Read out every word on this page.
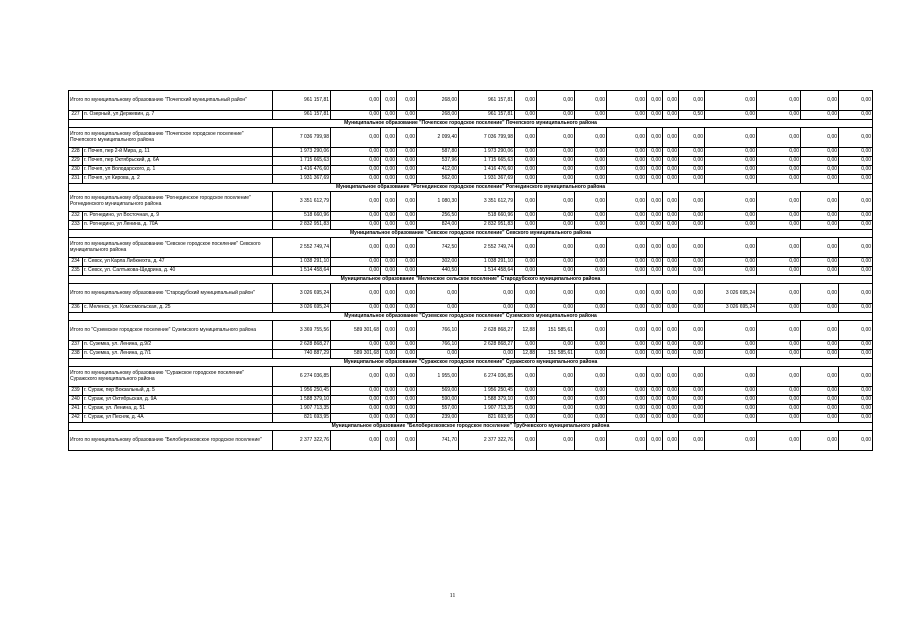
Итого по муниципальному образованию "Почепский муниципальный район"		961 157,81	0,00	0,00	0,00	268,00	961 157,81	0,00	0,00	0,00	0,00	0,00	0,00	0,00	0,00	0,00	0,00	0,00
227	п. Озерный, ул Держевин, д. 7	961 157,81	0,00	0,00	0,00	268,00	961 157,81	0,00	0,00	0,00	0,00	0,00	0,00	0,50	0,00	0,00	0,00	0,00
Муниципальное образование "Почепское городское поселение" Почепского муниципального района																		
Итого по муниципальному образованию "Почепское городское поселение" Почепского муниципального района		7 036 799,98	0,00	0,00	0,00	2 099,40	7 036 799,98	0,00	0,00	0,00	0,00	0,00	0,00	0,00	0,00	0,00	0,00	0,00
228	г. Почеп, пер 2-й Мира, д. 11	1 973 290,06	0,00	0,00	0,00	587,80	1 973 290,06	0,00	0,00	0,00	0,00	0,00	0,00	0,00	0,00	0,00	0,00	0,00
229	г. Почеп, пер Октябрьский, д. 6А	1 715 665,63	0,00	0,00	0,00	537,96	1 715 665,63	0,00	0,00	0,00	0,00	0,00	0,00	0,00	0,00	0,00	0,00	0,00
230	г. Почеп, ул Володарского, д. 1	1 416 476,60	0,00	0,00	0,00	412,00	1 416 476,60	0,00	0,00	0,00	0,00	0,00	0,00	0,00	0,00	0,00	0,00	0,00
231	г. Почеп, ул Кирова, д. 2	1 931 367,69	0,00	0,00	0,00	562,00	1 931 367,69	0,00	0,00	0,00	0,00	0,00	0,00	0,00	0,00	0,00	0,00	0,00
Муниципальное образование "Рогнединское городское поселение" Рогнединского муниципального района																		
Итого по муниципальному образованию "Рогнединское городское поселение" Рогнединского муниципального района		3 351 612,79	0,00	0,00	0,00	1 080,30	3 351 612,79	0,00	0,00	0,00	0,00	0,00	0,00	0,00	0,00	0,00	0,00	0,00
232	п. Рогнедино, ул Восточная, д. 9	518 660,96	0,00	0,00	0,00	256,50	518 660,96	0,00	0,00	0,00	0,00	0,00	0,00	0,00	0,00	0,00	0,00	0,00
233	п. Рогнедино, ул Ленина, д. 70А	2 832 951,83	0,00	0,00	0,00	824,00	2 832 951,83	0,00	0,00	0,00	0,00	0,00	0,00	0,00	0,00	0,00	0,00	0,00
Муниципальное образование "Севское городское поселение" Севского муниципального района																		
Итого по муниципальному образованию "Севское городское поселение" Севского муниципального района		2 552 749,74	0,00	0,00	0,00	742,50	2 552 749,74	0,00	0,00	0,00	0,00	0,00	0,00	0,00	0,00	0,00	0,00	0,00
234	г. Севск, ул Карла Либкнехта, д. 47	1 038 291,10	0,00	0,00	0,00	302,00	1 038 291,10	0,00	0,00	0,00	0,00	0,00	0,00	0,00	0,00	0,00	0,00	0,00
235	г. Севск, ул. Салтыкова-Щедрина, д. 40	1 514 458,64	0,00	0,00	0,00	440,50	1 514 458,64	0,00	0,00	0,00	0,00	0,00	0,00	0,00	0,00	0,00	0,00	0,00
Муниципальное образование "Меленское сельское поселение" Стародубского муниципального района																		
Итого по муниципальному образованию "Стародубский муниципальный район"		3 026 695,24	0,00	0,00	0,00	0,00	0,00	0,00	0,00	0,00	0,00	0,00	0,00	0,00	3 026 695,24	0,00	0,00	0,00
236	с. Меленск, ул. Комсомольская, д. 25	3 026 695,24	0,00	0,00	0,00	0,00	0,00	0,00	0,00	0,00	0,00	0,00	0,00	0,00	3 026 695,24	0,00	0,00	0,00
Муниципальное образование "Суземское городское поселение" Суземского муниципального района																		
Итого по "Суземское городское поселение" Суземского муниципального района		3 369 755,56	589 301,68	0,00	0,00	766,10	2 628 868,27	12,88	151 585,61	0,00	0,00	0,00	0,00	0,00	0,00	0,00	0,00	0,00
237	п. Суземка, ул. Ленина, д.9/2	2 628 868,27	0,00	0,00	0,00	766,10	2 628 868,27	0,00	0,00	0,00	0,00	0,00	0,00	0,00	0,00	0,00	0,00	0,00
238	п. Суземка, ул. Ленина, д.7/1	740 887,29	589 301,68	0,00	0,00	0,00	0,00	12,88	151 585,61	0,00	0,00	0,00	0,00	0,00	0,00	0,00	0,00	0,00
Муниципальное образование "Суражское городское поселение" Суражского муниципального района																		
Итого по муниципальному образованию "Суражское городское поселение" Суражского муниципального района		6 274 036,85	0,00	0,00	0,00	1 955,00	6 274 036,85	0,00	0,00	0,00	0,00	0,00	0,00	0,00	0,00	0,00	0,00	0,00
239	г. Сураж, пер Вокзальный, д. 5	1 956 250,45	0,00	0,00	0,00	569,00	1 956 250,45	0,00	0,00	0,00	0,00	0,00	0,00	0,00	0,00	0,00	0,00	0,00
240	г. Сураж, ул Октябрьская, д. 9А	1 588 379,10	0,00	0,00	0,00	590,00	1 588 379,10	0,00	0,00	0,00	0,00	0,00	0,00	0,00	0,00	0,00	0,00	0,00
241	г. Сураж, ул. Ленина, д. 51	1 907 713,35	0,00	0,00	0,00	557,00	1 907 713,35	0,00	0,00	0,00	0,00	0,00	0,00	0,00	0,00	0,00	0,00	0,00
242	г. Сураж, ул Песняк, д. 4А	821 693,95	0,00	0,00	0,00	239,00	821 693,95	0,00	0,00	0,00	0,00	0,00	0,00	0,00	0,00	0,00	0,00	0,00
Муниципальное образование "Белоберезковское городское поселение" Трубчевского муниципального района																		
Итого по муниципальному образованию "Белоберезковское городское поселение"		2 377 322,76	0,00	0,00	0,00	741,70	2 377 322,76	0,00	0,00	0,00	0,00	0,00	0,00	0,00	0,00	0,00	0,00	0,00
11
